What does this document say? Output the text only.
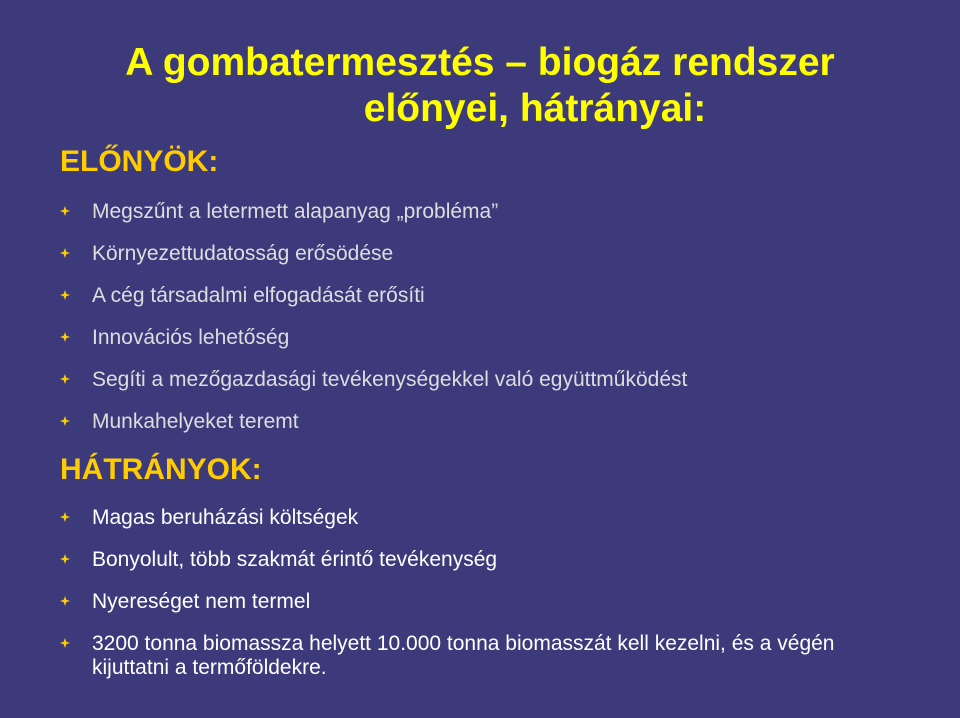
A gombatermesztés – biogáz rendszer
előnyei, hátrányai:
ELŐNYÖK:
Megszűnt a letermett alapanyag „probléma”
Környezettudatosság erősödése
A cég társadalmi elfogadását erősíti
Innovációs lehetőség
Segíti a mezőgazdasági tevékenységekkel való együttműködést
Munkahelyeket teremt
HÁTRÁNYOK:
Magas beruházási költségek
Bonyolult, több szakmát érintő tevékenység
Nyereséget nem termel
3200 tonna biomassza helyett 10.000 tonna biomasszát kell kezelni, és a végén kijuttatni a termőföldekre.
